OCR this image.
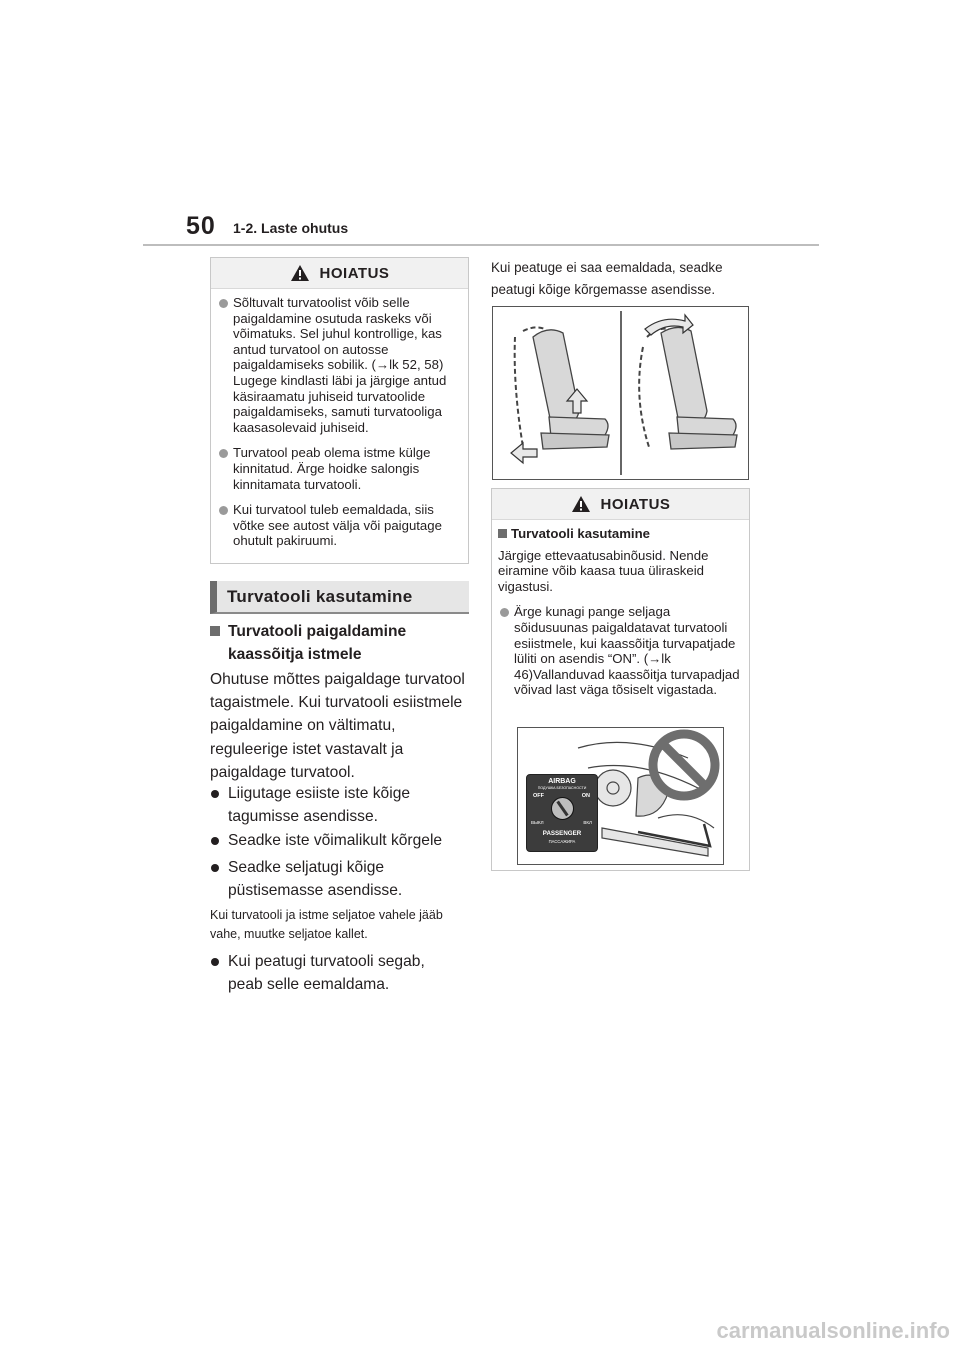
50 1-2. Laste ohutus
HOIATUS
Sõltuvalt turvatoolist võib selle paigaldamine osutuda raskeks või võimatuks. Sel juhul kontrollige, kas antud turvatool on autosse paigaldamiseks sobilik. (→lk 52, 58) Lugege kindlasti läbi ja järgige antud käsiraamatu juhiseid turvatoolide paigaldamiseks, samuti turvatooliga kaasasolevaid juhiseid.
Turvatool peab olema istme külge kinnitatud. Ärge hoidke salongis kinnitamata turvatooli.
Kui turvatool tuleb eemaldada, siis võtke see autost välja või paigutage ohutult pakiruumi.
Turvatooli kasutamine
Turvatooli paigaldamine kaassõitja istmele
Ohutuse mõttes paigaldage turvatool tagaistmele. Kui turvatooli esiistmele paigaldamine on vältimatu, reguleerige istet vastavalt ja paigaldage turvatool.
Liigutage esiiste iste kõige tagumisse asendisse.
Seadke iste võimalikult kõrgele
Seadke seljatugi kõige püstisemasse asendisse.
Kui turvatooli ja istme seljatoe vahele jääb vahe, muutke seljatoe kallet.
Kui peatugi turvatooli segab, peab selle eemaldama.
Kui peatuge ei saa eemaldada, seadke peatugi kõige kõrgemasse asendisse.
HOIATUS
Turvatooli kasutamine
Järgige ettevaatusabinõusid. Nende eiramine võib kaasa tuua üliraskeid vigastusi.
Ärge kunagi pange seljaga sõidusuunas paigaldatavat turvatooli esiistmele, kui kaassõitja turvapatjade lüliti on asendis “ON”. (→lk 46)Vallanduvad kaassõitja turvapadjad võivad last väga tõsiselt vigastada.
AIRBAG
ПОДУШКА БЕЗОПАСНОСТИ
OFF	ON
ВЫКЛ	ВКЛ
PASSENGER
ПАССАЖИРА
carmanualsonline.info
